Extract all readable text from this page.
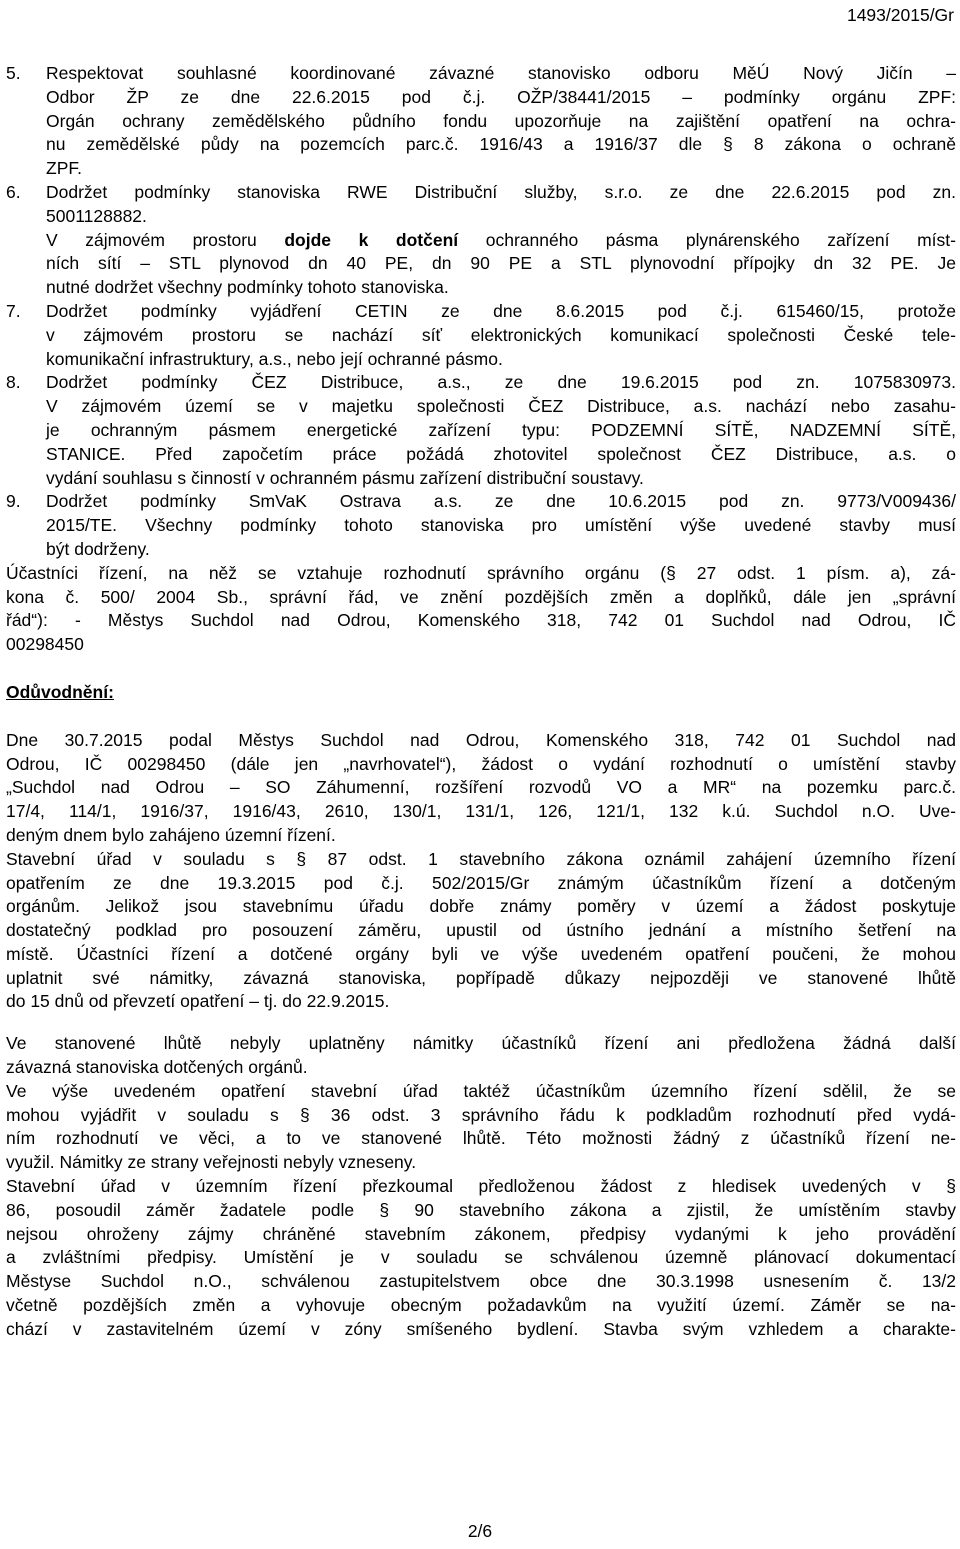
1493/2015/Gr
5. Respektovat souhlasné koordinované závazné stanovisko odboru MěÚ Nový Jičín –
Odbor ŽP ze dne 22.6.2015 pod č.j. OŽP/38441/2015 – podmínky orgánu ZPF:
Orgán ochrany zemědělského půdního fondu upozorňuje na zajištění opatření na ochra-
nu zemědělské půdy na pozemcích parc.č. 1916/43 a 1916/37 dle § 8 zákona o ochraně
ZPF.
6. Dodržet podmínky stanoviska RWE Distribuční služby, s.r.o. ze dne 22.6.2015 pod zn.
5001128882.
V zájmovém prostoru dojde k dotčení ochranného pásma plynárenského zařízení míst-
ních sítí – STL plynovod dn 40 PE, dn 90 PE a STL plynovodní přípojky dn 32 PE. Je
nutné dodržet všechny podmínky tohoto stanoviska.
7. Dodržet podmínky vyjádření CETIN ze dne 8.6.2015 pod č.j. 615460/15, protože
v zájmovém prostoru se nachází síť elektronických komunikací společnosti České tele-
komunikační infrastruktury, a.s., nebo její ochranné pásmo.
8. Dodržet podmínky ČEZ Distribuce, a.s., ze dne 19.6.2015 pod zn. 1075830973.
V zájmovém území se v majetku společnosti ČEZ Distribuce, a.s. nachází nebo zasahu-
je ochranným pásmem energetické zařízení typu: PODZEMNÍ SÍTĚ, NADZEMNÍ SÍTĚ,
STANICE. Před započetím práce požádá zhotovitel společnost ČEZ Distribuce, a.s. o
vydání souhlasu s činností v ochranném pásmu zařízení distribuční soustavy.
9. Dodržet podmínky SmVaK Ostrava a.s. ze dne 10.6.2015 pod zn. 9773/V009436/
2015/TE. Všechny podmínky tohoto stanoviska pro umístění výše uvedené stavby musí
být dodrženy.
Účastníci řízení, na něž se vztahuje rozhodnutí správního orgánu (§ 27 odst. 1 písm. a), zá-
kona č. 500/ 2004 Sb., správní řád, ve znění pozdějších změn a doplňků, dále jen „správní
řád“): - Městys Suchdol nad Odrou, Komenského 318, 742 01 Suchdol nad Odrou, IČ
00298450
Odůvodnění:
Dne 30.7.2015 podal Městys Suchdol nad Odrou, Komenského 318, 742 01 Suchdol nad
Odrou, IČ 00298450 (dále jen „navrhovatel“), žádost o vydání rozhodnutí o umístění stavby
„Suchdol nad Odrou – SO Záhumenní, rozšíření rozvodů VO a MR“ na pozemku parc.č.
17/4, 114/1, 1916/37, 1916/43, 2610, 130/1, 131/1, 126, 121/1, 132 k.ú. Suchdol n.O. Uve-
deným dnem bylo zahájeno územní řízení.
Stavební úřad v souladu s § 87 odst. 1 stavebního zákona oznámil zahájení územního řízení
opatřením ze dne 19.3.2015 pod č.j. 502/2015/Gr známým účastníkům řízení a dotčeným
orgánům. Jelikož jsou stavebnímu úřadu dobře známy poměry v území a žádost poskytuje
dostatečný podklad pro posouzení záměru, upustil od ústního jednání a místního šetření na
místě. Účastníci řízení a dotčené orgány byli ve výše uvedeném opatření poučeni, že mohou
uplatnit své námitky, závazná stanoviska, popřípadě důkazy nejpozději ve stanovené lhůtě
do 15 dnů od převzetí opatření – tj. do 22.9.2015.
Ve stanovené lhůtě nebyly uplatněny námitky účastníků řízení ani předložena žádná další
závazná stanoviska dotčených orgánů.
Ve výše uvedeném opatření stavební úřad taktéž účastníkům územního řízení sdělil, že se
mohou vyjádřit v souladu s § 36 odst. 3 správního řádu k podkladům rozhodnutí před vydá-
ním rozhodnutí ve věci, a to ve stanovené lhůtě. Této možnosti žádný z účastníků řízení ne-
využil. Námitky ze strany veřejnosti nebyly vzneseny.
Stavební úřad v územním řízení přezkoumal předloženou žádost z hledisek uvedených v §
86, posoudil záměr žadatele podle § 90 stavebního zákona a zjistil, že umístěním stavby
nejsou ohroženy zájmy chráněné stavebním zákonem, předpisy vydanými k jeho provádění
a zvláštními předpisy. Umístění je v souladu se schválenou územně plánovací dokumentací
Městyse Suchdol n.O., schválenou zastupitelstvem obce dne 30.3.1998 usnesením č. 13/2
včetně pozdějších změn a vyhovuje obecným požadavkům na využití území. Záměr se na-
chází v zastavitelném území v zóny smíšeného bydlení. Stavba svým vzhledem a charakte-
2/6
